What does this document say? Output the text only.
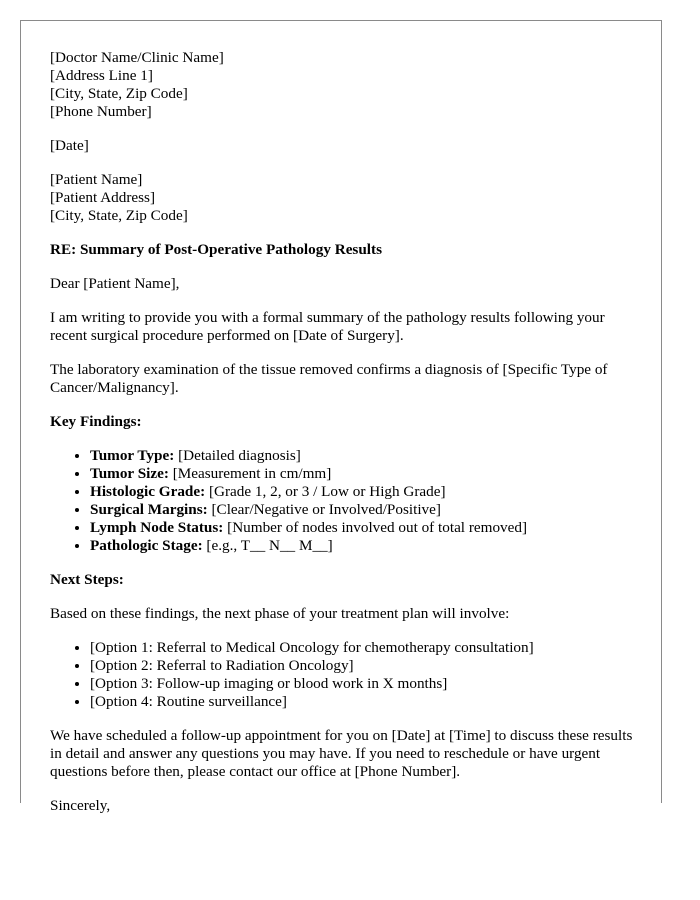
[Doctor Name/Clinic Name]
[Address Line 1]
[City, State, Zip Code]
[Phone Number]

[Date]

[Patient Name]
[Patient Address]
[City, State, Zip Code]

RE: Summary of Post-Operative Pathology Results

Dear [Patient Name],

I am writing to provide you with a formal summary of the pathology results following your recent surgical procedure performed on [Date of Surgery].

The laboratory examination of the tissue removed confirms a diagnosis of [Specific Type of Cancer/Malignancy].

Key Findings:

• Tumor Type: [Detailed diagnosis]
• Tumor Size: [Measurement in cm/mm]
• Histologic Grade: [Grade 1, 2, or 3 / Low or High Grade]
• Surgical Margins: [Clear/Negative or Involved/Positive]
• Lymph Node Status: [Number of nodes involved out of total removed]
• Pathologic Stage: [e.g., T__ N__ M__]

Next Steps:

Based on these findings, the next phase of your treatment plan will involve:

• [Option 1: Referral to Medical Oncology for chemotherapy consultation]
• [Option 2: Referral to Radiation Oncology]
• [Option 3: Follow-up imaging or blood work in X months]
• [Option 4: Routine surveillance]

We have scheduled a follow-up appointment for you on [Date] at [Time] to discuss these results in detail and answer any questions you may have. If you need to reschedule or have urgent questions before then, please contact our office at [Phone Number].

Sincerely,
